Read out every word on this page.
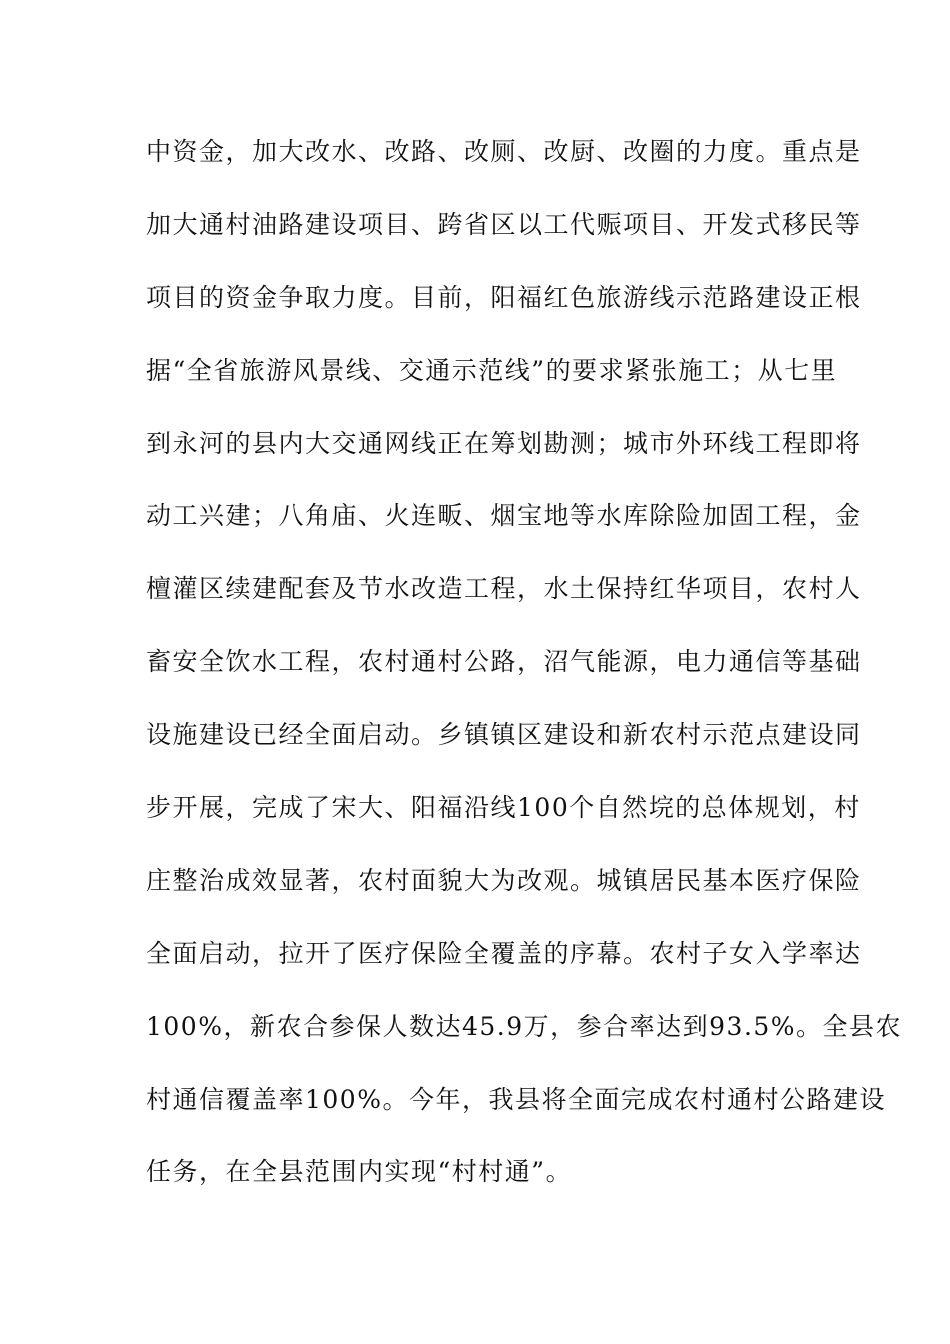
中资金，加大改水、改路、改厕、改厨、改圈的力度。重点是
加大通村油路建设项目、跨省区以工代赈项目、开发式移民等
项目的资金争取力度。目前，阳福红色旅游线示范路建设正根
据“全省旅游风景线、交通示范线”的要求紧张施工；从七里
到永河的县内大交通网线正在筹划勘测；城市外环线工程即将
动工兴建；八角庙、火连畈、烟宝地等水库除险加固工程，金
檀灌区续建配套及节水改造工程，水土保持红华项目，农村人
畜安全饮水工程，农村通村公路，沼气能源，电力通信等基础
设施建设已经全面启动。乡镇镇区建设和新农村示范点建设同
步开展，完成了宋大、阳福沿线100个自然垸的总体规划，村
庄整治成效显著，农村面貌大为改观。城镇居民基本医疗保险
全面启动，拉开了医疗保险全覆盖的序幕。农村子女入学率达
100%，新农合参保人数达45.9万，参合率达到93.5%。全县农
村通信覆盖率100%。今年，我县将全面完成农村通村公路建设
任务，在全县范围内实现“村村通”。
